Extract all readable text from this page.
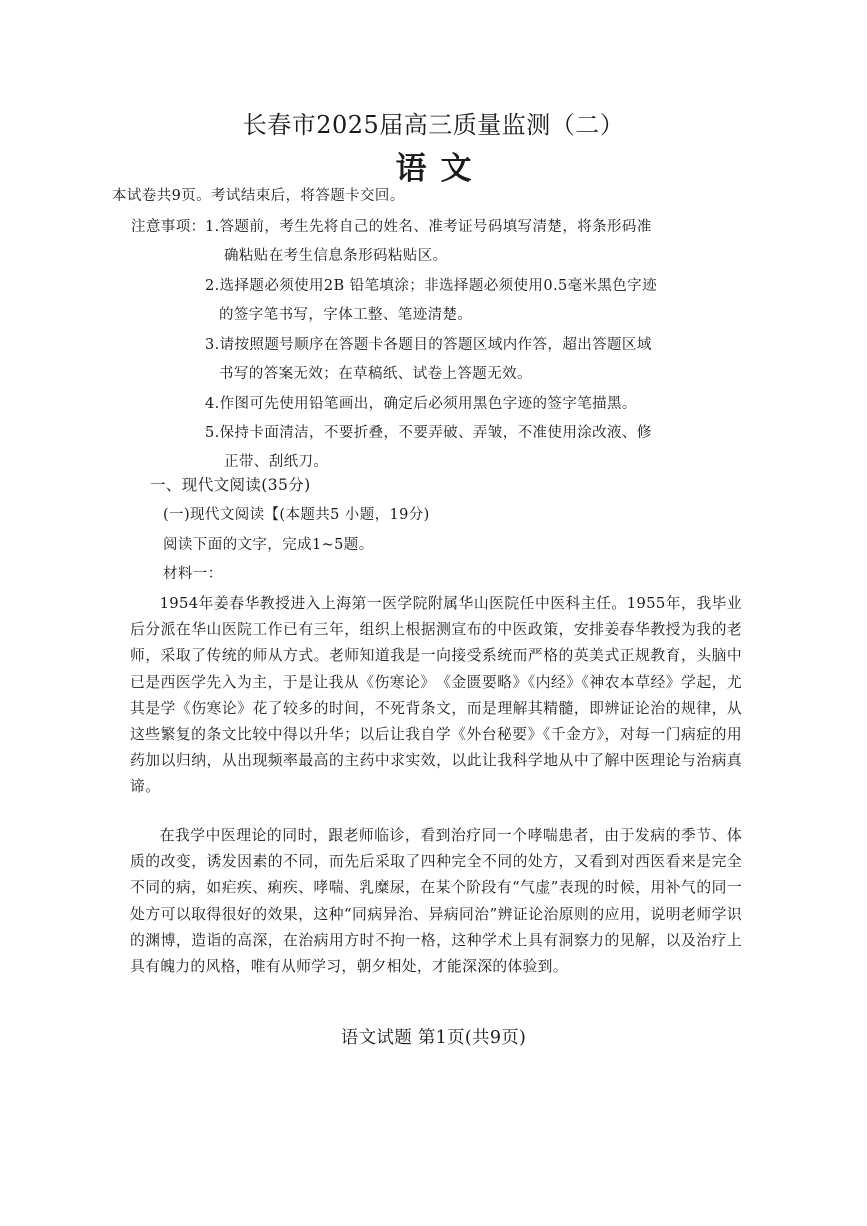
长春市2025届高三质量监测（二）
语文
本试卷共9页。考试结束后，将答题卡交回。
注意事项： 1.答题前，考生先将自己的姓名、准考证号码填写清楚，将条形码准
确粘贴在考生信息条形码粘贴区。
2.选择题必须使用2B 铅笔填涂；非选择题必须使用0.5毫米黑色字迹
的签字笔书写，字体工整、笔迹清楚。
3.请按照题号顺序在答题卡各题目的答题区域内作答，超出答题区域
书写的答案无效；在草稿纸、试卷上答题无效。
4.作图可先使用铅笔画出，确定后必须用黑色字迹的签字笔描黑。
5.保持卡面清洁，不要折叠，不要弄破、弄皱，不准使用涂改液、修
正带、刮纸刀。
一、现代文阅读(35分)
(一)现代文阅读【(本题共5 小题，19分)
阅读下面的文字，完成1~5题。
材料一：

1954年姜春华教授进入上海第一医学院附属华山医院任中医科主任。1955年，我毕业后分派在华山医院工作已有三年，组织上根据测宣布的中医政策，安排姜春华教授为我的老师，采取了传统的师从方式。老师知道我是一向接受系统而严格的英美式正规教育，头脑中已是西医学先入为主，于是让我从《伤寒论》　《金匮要略》《内经》《神农本草经》学起，尤其是学《伤寒论》花了较多的时间，不死背条文，而是理解其精髓，即辨证论治的规律，从这些繁复的条文比较中得以升华；以后让我自学《外台秘要》《千金方》，对每一门病症的用药加以归纳，从出现频率最高的主药中求实效，以此让我科学地从中了解中医理论与治病真谛。

在我学中医理论的同时，跟老师临诊，看到治疗同一个哮喘患者，由于发病的季节、体质的改变，诱发因素的不同，而先后采取了四种完全不同的处方，又看到对西医看来是完全不同的病，如疟疾、痢疾、哮喘、乳糜尿，在某个阶段有“气虚”表现的时候，用补气的同一处方可以取得很好的效果，这种“同病异治、异病同治”辨证论治原则的应用，说明老师学识的渊博，造诣的高深，在治病用方时不拘一格，这种学术上具有洞察力的见解，以及治疗上具有魄力的风格，唯有从师学习，朝夕相处，才能深深的体验到。

语文试题 第1页(共9页)
